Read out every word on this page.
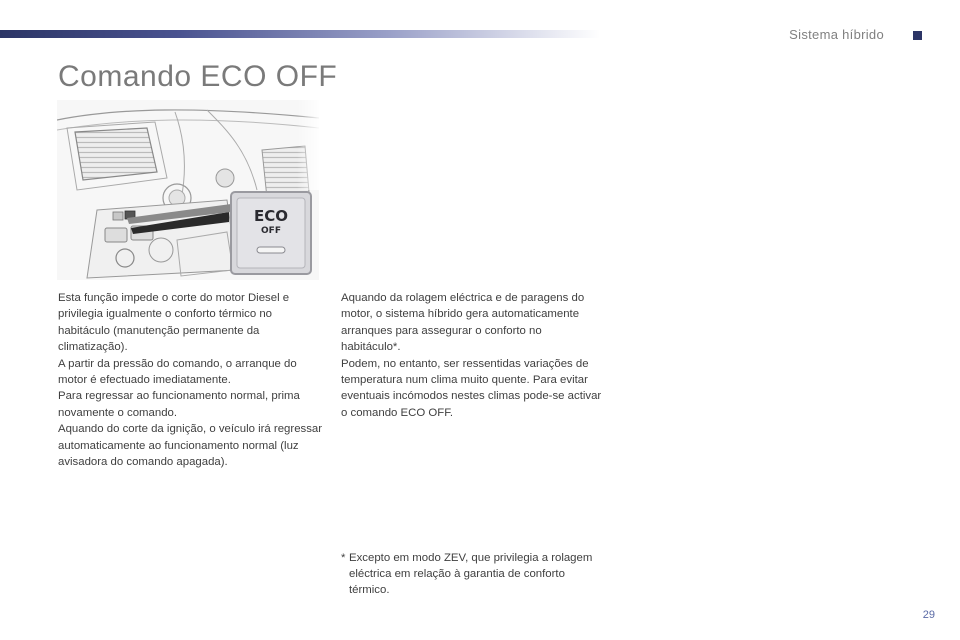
Sistema híbrido
Comando ECO OFF
ECO
OFF

Esta função impede o corte do motor Diesel e privilegia igualmente o conforto térmico no habitáculo (manutenção permanente da climatização).

A partir da pressão do comando, o arranque do motor é efectuado imediatamente.

Para regressar ao funcionamento normal, prima novamente o comando.

Aquando do corte da ignição, o veículo irá regressar automaticamente ao funcionamento normal (luz avisadora do comando apagada).

Aquando da rolagem eléctrica e de paragens do motor, o sistema híbrido gera automaticamente arranques para assegurar o conforto no habitáculo*.

Podem, no entanto, ser ressentidas variações de temperatura num clima muito quente. Para evitar eventuais incómodos nestes climas pode-se activar o comando ECO OFF.

* Excepto em modo ZEV, que privilegia a rolagem eléctrica em relação à garantia de conforto térmico.
29
